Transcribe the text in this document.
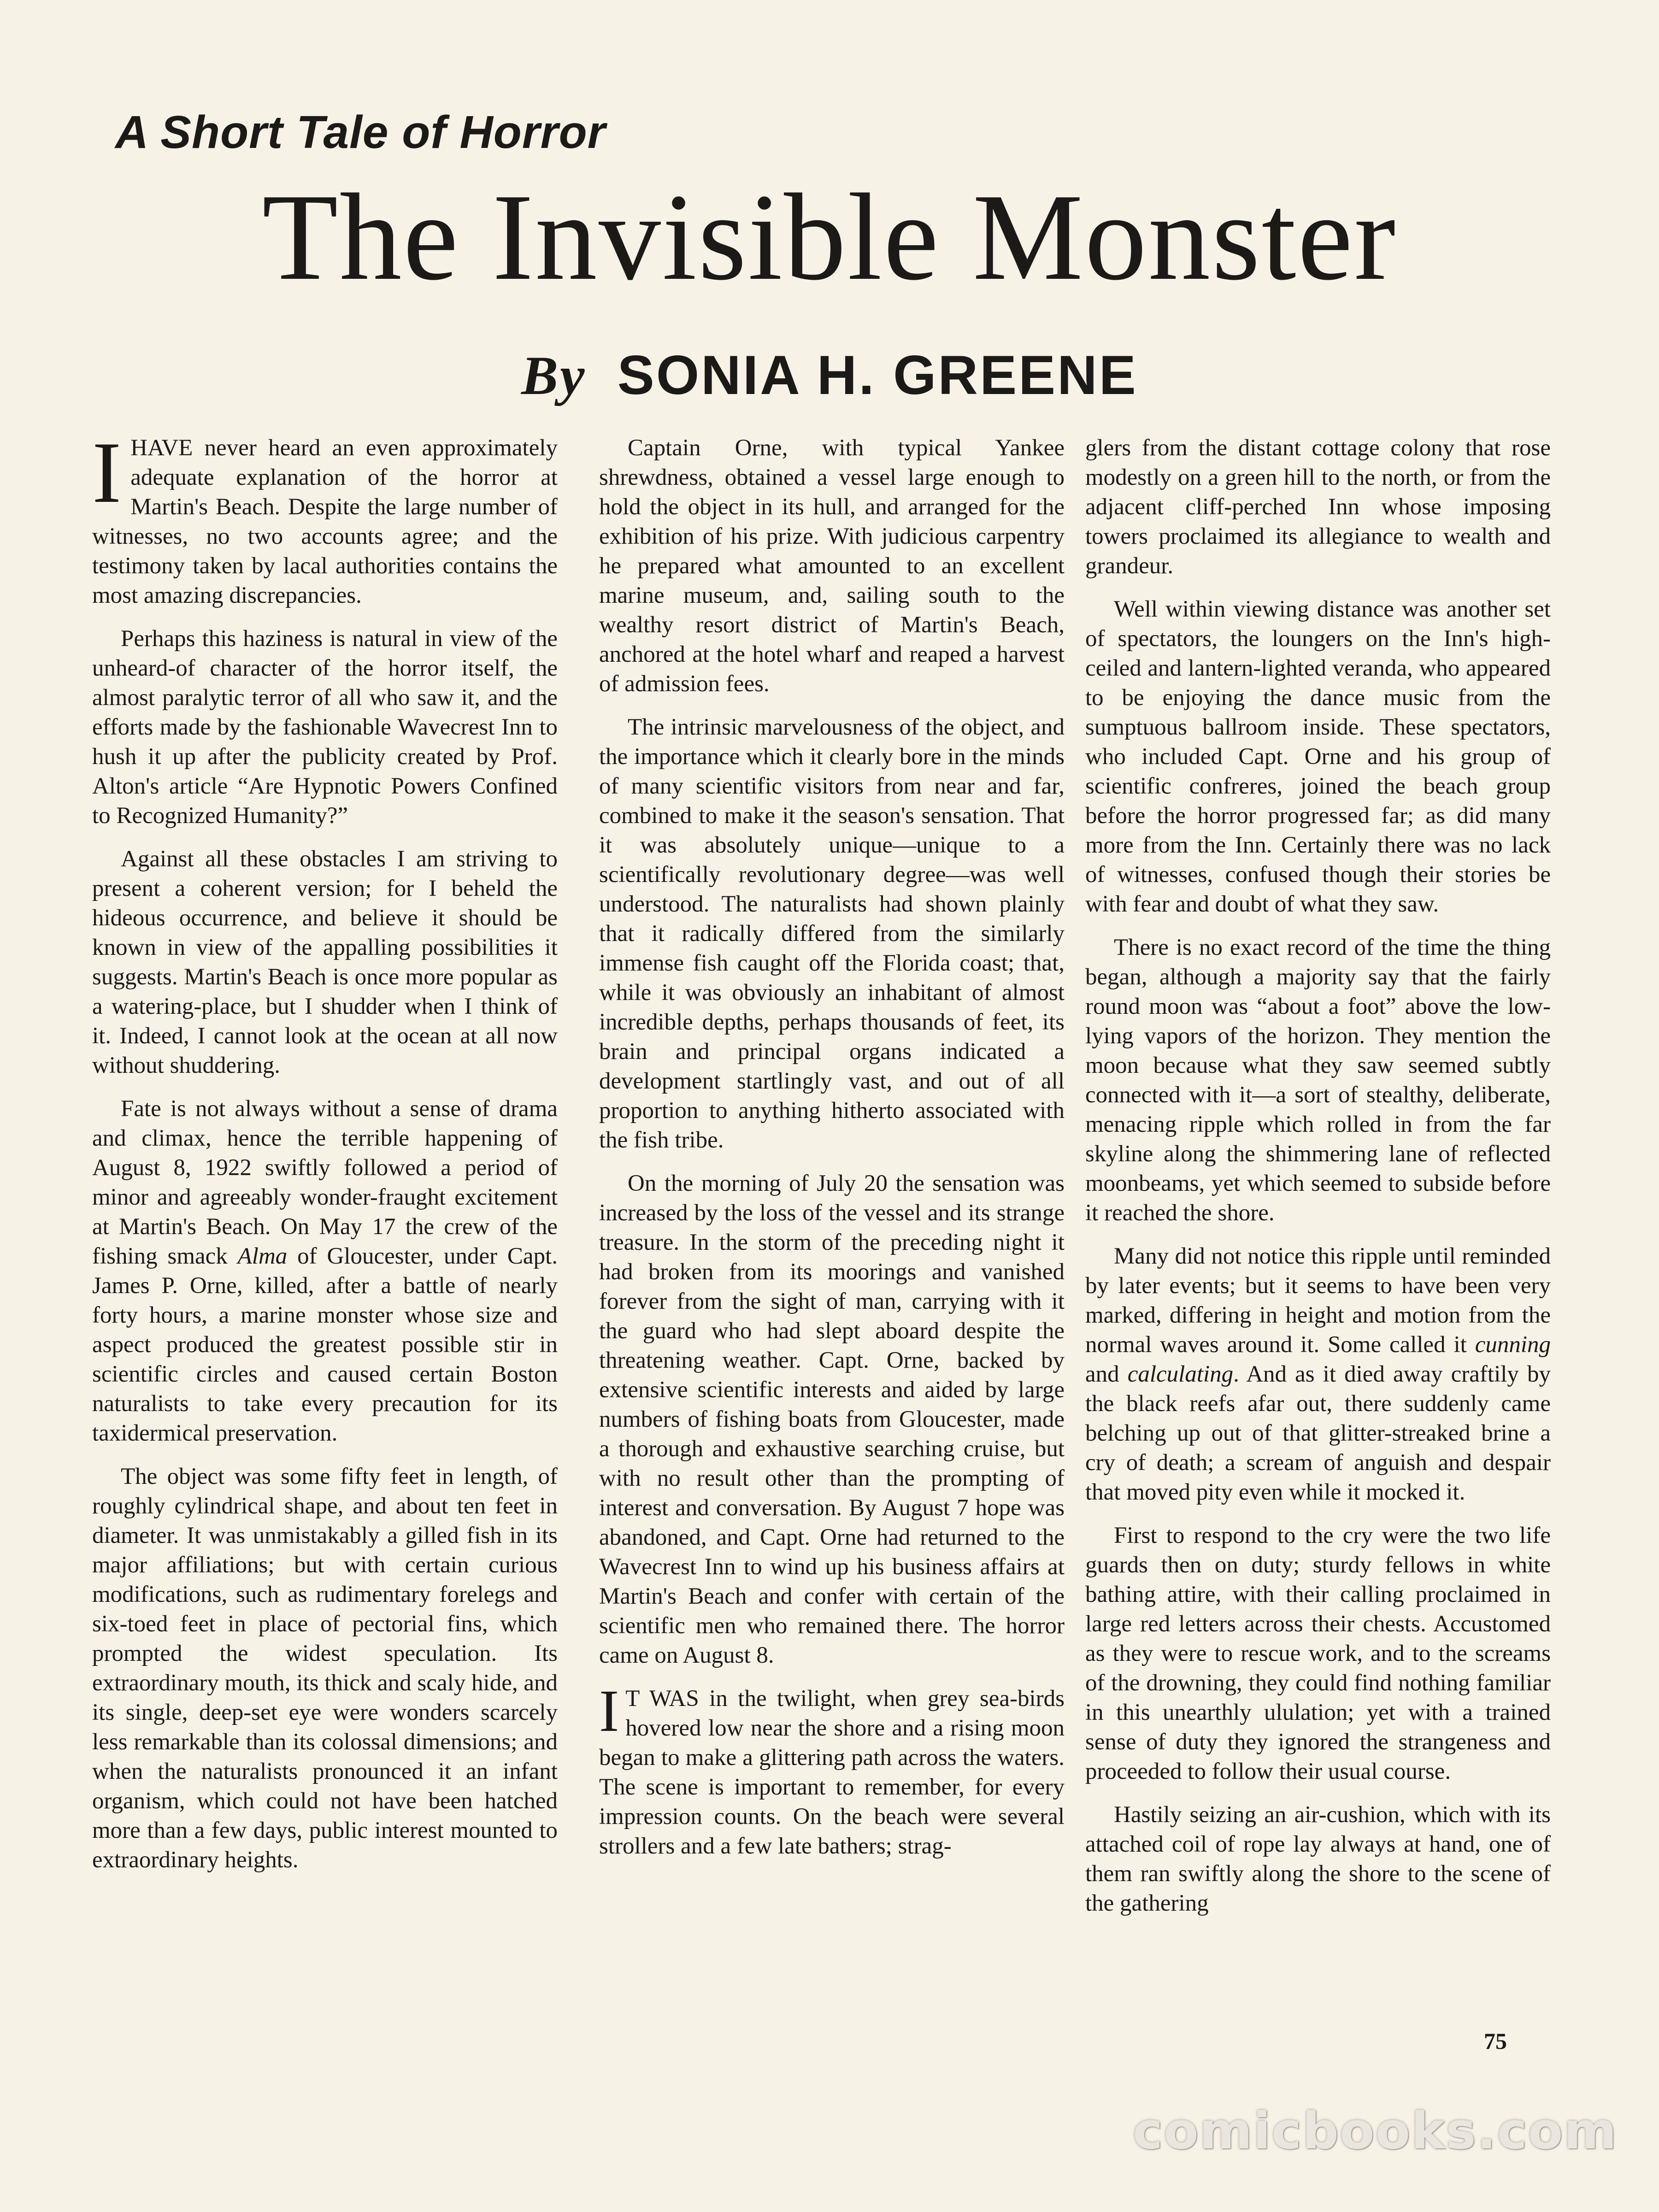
A Short Tale of Horror
The Invisible Monster
By SONIA H. GREENE

IHAVE never heard an even approximately adequate explanation of the horror at Martin's Beach. Despite the large number of witnesses, no two accounts agree; and the testimony taken by lacal authorities contains the most amazing discrepancies.

Perhaps this haziness is natural in view of the unheard-of character of the horror itself, the almost paralytic terror of all who saw it, and the efforts made by the fashionable Wavecrest Inn to hush it up after the publicity created by Prof. Alton's article “Are Hypnotic Powers Confined to Recognized Humanity?”

Against all these obstacles I am striving to present a coherent version; for I beheld the hideous occurrence, and believe it should be known in view of the appalling possibilities it suggests. Martin's Beach is once more popular as a watering-place, but I shudder when I think of it. Indeed, I cannot look at the ocean at all now without shuddering.

Fate is not always without a sense of drama and climax, hence the terrible happening of August 8, 1922 swiftly followed a period of minor and agreeably wonder-fraught excitement at Martin's Beach. On May 17 the crew of the fishing smack Alma of Gloucester, under Capt. James P. Orne, killed, after a battle of nearly forty hours, a marine monster whose size and aspect produced the greatest possible stir in scientific circles and caused certain Boston naturalists to take every precaution for its taxidermical preservation.

The object was some fifty feet in length, of roughly cylindrical shape, and about ten feet in diameter. It was unmistakably a gilled fish in its major affiliations; but with certain curious modifications, such as rudimentary forelegs and six-toed feet in place of pectorial fins, which prompted the widest speculation. Its extraordinary mouth, its thick and scaly hide, and its single, deep-set eye were wonders scarcely less remarkable than its colossal dimensions; and when the naturalists pronounced it an infant organism, which could not have been hatched more than a few days, public interest mounted to extraordinary heights.

Captain Orne, with typical Yankee shrewdness, obtained a vessel large enough to hold the object in its hull, and arranged for the exhibition of his prize. With judicious carpentry he prepared what amounted to an excellent marine museum, and, sailing south to the wealthy resort district of Martin's Beach, anchored at the hotel wharf and reaped a harvest of admission fees.

The intrinsic marvelousness of the object, and the importance which it clearly bore in the minds of many scientific visitors from near and far, combined to make it the season's sensation. That it was absolutely unique—unique to a scientifically revolutionary degree—was well understood. The naturalists had shown plainly that it radically differed from the similarly immense fish caught off the Florida coast; that, while it was obviously an inhabitant of almost incredible depths, perhaps thousands of feet, its brain and principal organs indicated a development startlingly vast, and out of all proportion to anything hitherto associated with the fish tribe.

On the morning of July 20 the sensation was increased by the loss of the vessel and its strange treasure. In the storm of the preceding night it had broken from its moorings and vanished forever from the sight of man, carrying with it the guard who had slept aboard despite the threatening weather. Capt. Orne, backed by extensive scientific interests and aided by large numbers of fishing boats from Gloucester, made a thorough and exhaustive searching cruise, but with no result other than the prompting of interest and conversation. By August 7 hope was abandoned, and Capt. Orne had returned to the Wavecrest Inn to wind up his business affairs at Martin's Beach and confer with certain of the scientific men who remained there. The horror came on August 8.

I T WAS in the twilight, when grey sea-birds hovered low near the shore and a rising moon began to make a glittering path across the waters. The scene is important to remember, for every impression counts. On the beach were several strollers and a few late bathers; strag-

glers from the distant cottage colony that rose modestly on a green hill to the north, or from the adjacent cliff-perched Inn whose imposing towers proclaimed its allegiance to wealth and grandeur.

Well within viewing distance was another set of spectators, the loungers on the Inn's high-ceiled and lantern-lighted veranda, who appeared to be enjoying the dance music from the sumptuous ballroom inside. These spectators, who included Capt. Orne and his group of scientific confreres, joined the beach group before the horror progressed far; as did many more from the Inn. Certainly there was no lack of witnesses, confused though their stories be with fear and doubt of what they saw.

There is no exact record of the time the thing began, although a majority say that the fairly round moon was “about a foot” above the low-lying vapors of the horizon. They mention the moon because what they saw seemed subtly connected with it—a sort of stealthy, deliberate, menacing ripple which rolled in from the far skyline along the shimmering lane of reflected moonbeams, yet which seemed to subside before it reached the shore.

Many did not notice this ripple until reminded by later events; but it seems to have been very marked, differing in height and motion from the normal waves around it. Some called it cunning and calculating. And as it died away craftily by the black reefs afar out, there suddenly came belching up out of that glitter-streaked brine a cry of death; a scream of anguish and despair that moved pity even while it mocked it.

First to respond to the cry were the two life guards then on duty; sturdy fellows in white bathing attire, with their calling proclaimed in large red letters across their chests. Accustomed as they were to rescue work, and to the screams of the drowning, they could find nothing familiar in this unearthly ululation; yet with a trained sense of duty they ignored the strangeness and proceeded to follow their usual course.

Hastily seizing an air-cushion, which with its attached coil of rope lay always at hand, one of them ran swiftly along the shore to the scene of the gathering

75
comicbooks.com
